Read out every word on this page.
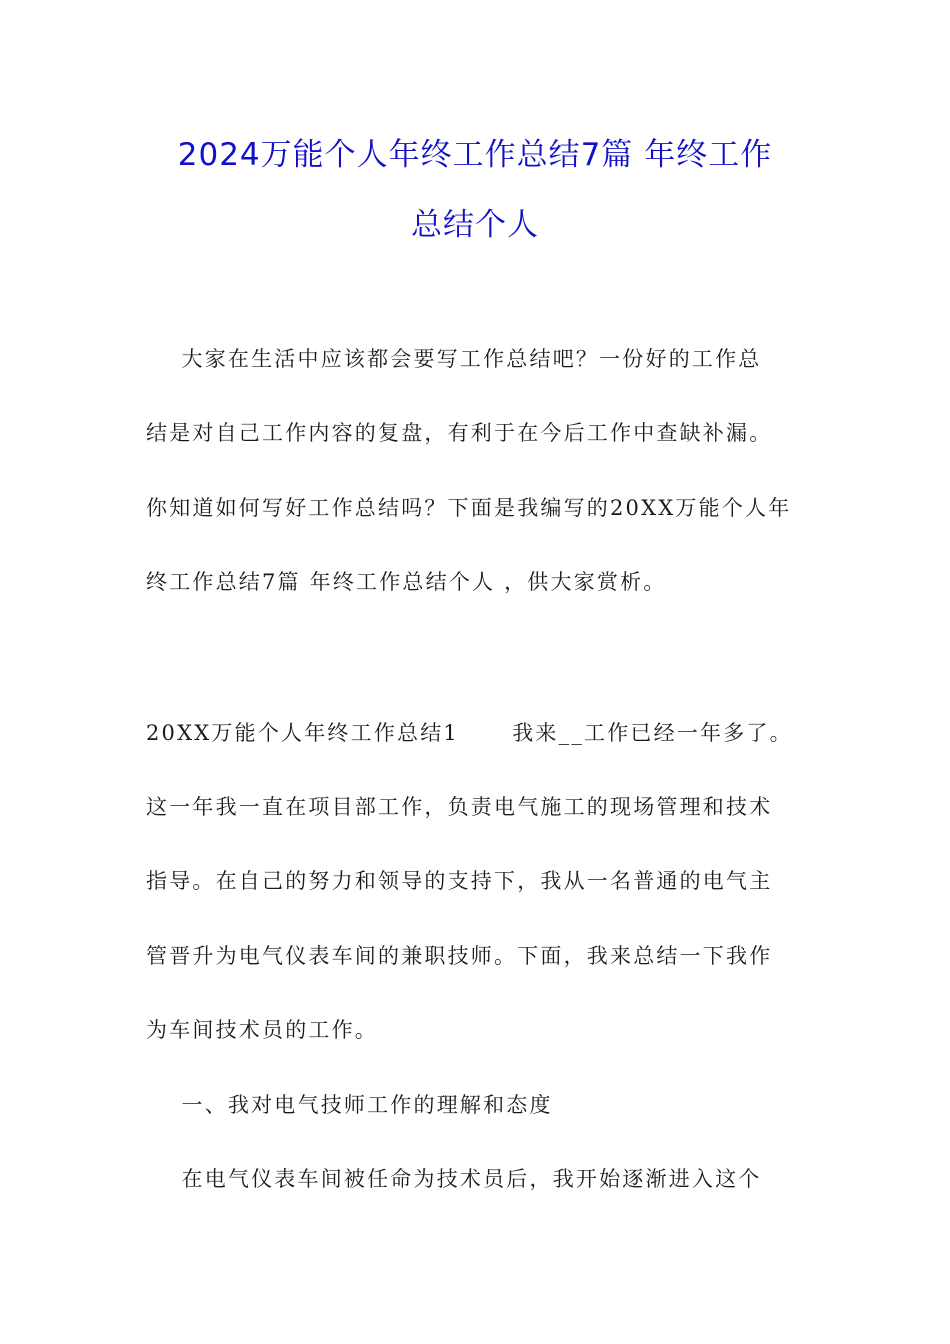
2024万能个人年终工作总结7篇 年终工作
总结个人

大家在生活中应该都会要写工作总结吧？一份好的工作总

结是对自己工作内容的复盘，有利于在今后工作中查缺补漏。

你知道如何写好工作总结吗？下面是我编写的20XX万能个人年

终工作总结7篇 年终工作总结个人 ，供大家赏析。

20XX万能个人年终工作总结1      我来__工作已经一年多了。

这一年我一直在项目部工作，负责电气施工的现场管理和技术

指导。在自己的努力和领导的支持下，我从一名普通的电气主

管晋升为电气仪表车间的兼职技师。下面，我来总结一下我作

为车间技术员的工作。

一、我对电气技师工作的理解和态度

在电气仪表车间被任命为技术员后，我开始逐渐进入这个
